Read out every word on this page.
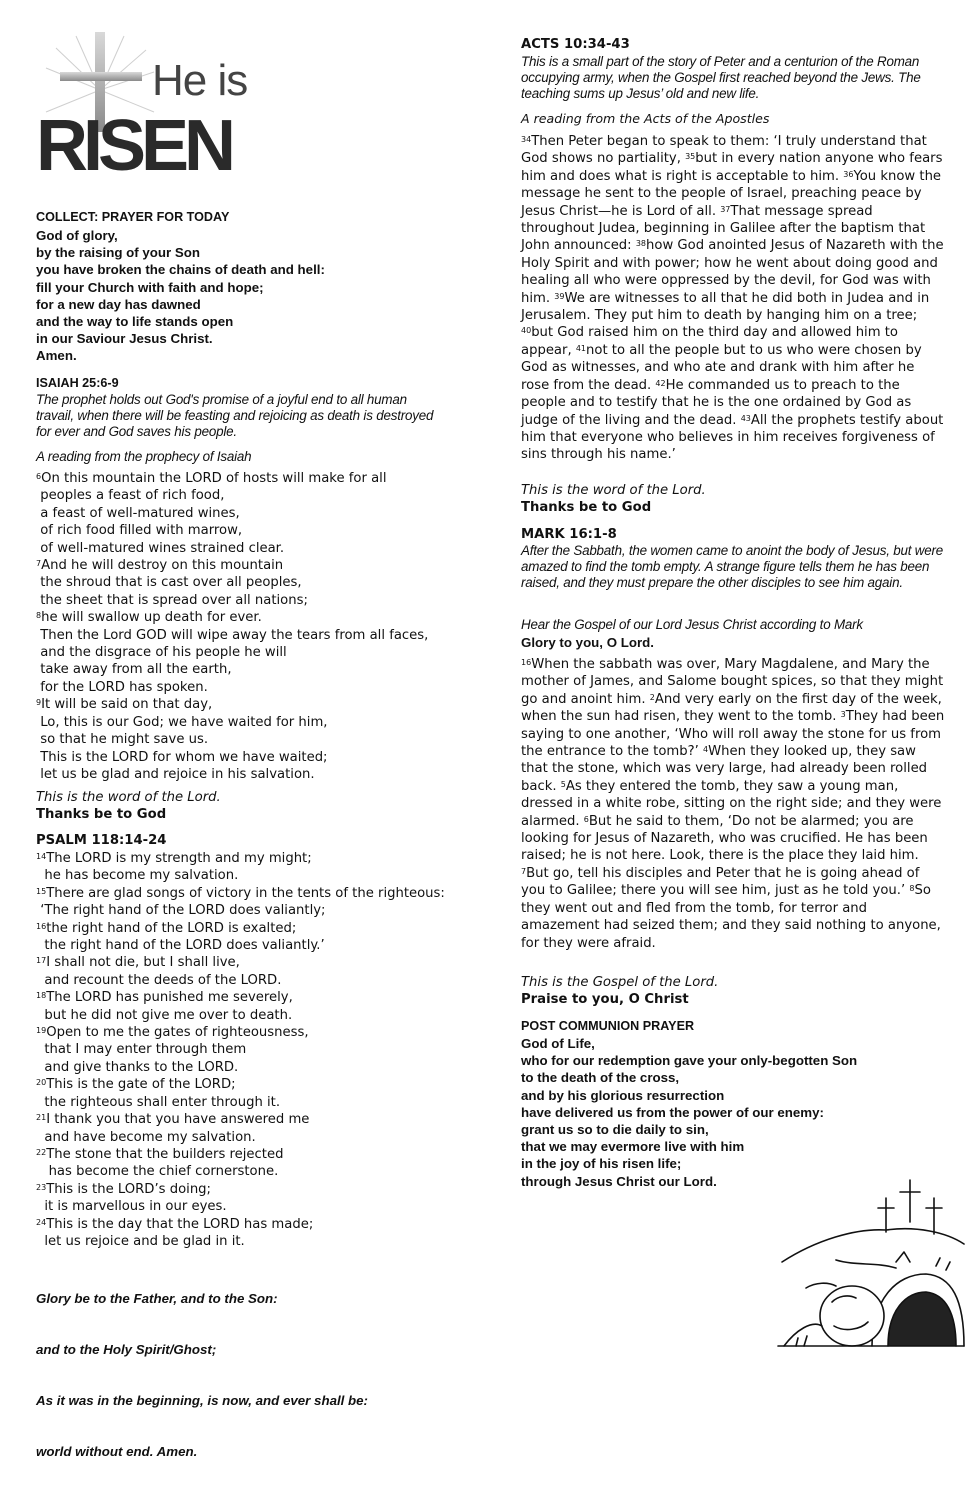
He is
RISEN
COLLECT: PRAYER FOR TODAY
God of glory,
by the raising of your Son
you have broken the chains of death and hell:
fill your Church with faith and hope;
for a new day has dawned
and the way to life stands open
in our Saviour Jesus Christ.
Amen.
ISAIAH 25:6-9
The prophet holds out God's promise of a joyful end to all human travail, when there will be feasting and rejoicing as death is destroyed for ever and God saves his people.
A reading from the prophecy of Isaiah
$^6$On this mountain the LORD of hosts will make for all
peoples a feast of rich food,
a feast of well-matured wines,
of rich food filled with marrow,
of well-matured wines strained clear.
$^7$And he will destroy on this mountain
the shroud that is cast over all peoples,
the sheet that is spread over all nations;
$^8$he will swallow up death for ever.
Then the Lord GOD will wipe away the tears from all faces,
and the disgrace of his people he will
take away from all the earth,
for the LORD has spoken.
$^9$It will be said on that day,
Lo, this is our God; we have waited for him,
so that he might save us.
This is the LORD for whom we have waited;
let us be glad and rejoice in his salvation.
This is the word of the Lord.
Thanks be to God
PSALM 118:14-24
$^{14}$The LORD is my strength and my might;
he has become my salvation.
$^{15}$There are glad songs of victory in the tents of the righteous:
‘The right hand of the LORD does valiantly;
$^{16}$the right hand of the LORD is exalted;
the right hand of the LORD does valiantly.’
$^{17}$I shall not die, but I shall live,
and recount the deeds of the LORD.
$^{18}$The LORD has punished me severely,
but he did not give me over to death.
$^{19}$Open to me the gates of righteousness,
that I may enter through them
and give thanks to the LORD.
$^{20}$This is the gate of the LORD;
the righteous shall enter through it.
$^{21}$I thank you that you have answered me
and have become my salvation.
$^{22}$The stone that the builders rejected
has become the chief cornerstone.
$^{23}$This is the LORD’s doing;
it is marvellous in our eyes.
$^{24}$This is the day that the LORD has made;
let us rejoice and be glad in it.

Glory be to the Father, and to the Son:

and to the Holy Spirit/Ghost;

As it was in the beginning, is now, and ever shall be:

world without end. Amen.

ACTS 10:34-43
This is a small part of the story of Peter and a centurion of the Roman occupying army, when the Gospel first reached beyond the Jews. The teaching sums up Jesus’ old and new life.
A reading from the Acts of the Apostles
$^{34}$Then Peter began to speak to them: ‘I truly understand that God shows no partiality, $^{35}$but in every nation anyone who fears him and does what is right is acceptable to him. $^{36}$You know the message he sent to the people of Israel, preaching peace by Jesus Christ—he is Lord of all. $^{37}$That message spread throughout Judea, beginning in Galilee after the baptism that John announced: $^{38}$how God anointed Jesus of Nazareth with the Holy Spirit and with power; how he went about doing good and healing all who were oppressed by the devil, for God was with him. $^{39}$We are witnesses to all that he did both in Judea and in Jerusalem. They put him to death by hanging him on a tree; $^{40}$but God raised him on the third day and allowed him to appear, $^{41}$not to all the people but to us who were chosen by God as witnesses, and who ate and drank with him after he rose from the dead. $^{42}$He commanded us to preach to the people and to testify that he is the one ordained by God as judge of the living and the dead. $^{43}$All the prophets testify about him that everyone who believes in him receives forgiveness of sins through his name.’
This is the word of the Lord.
Thanks be to God
MARK 16:1-8
After the Sabbath, the women came to anoint the body of Jesus, but were amazed to find the tomb empty. A strange figure tells them he has been raised, and they must prepare the other disciples to see him again.
Hear the Gospel of our Lord Jesus Christ according to Mark
Glory to you, O Lord.
$^{16}$When the sabbath was over, Mary Magdalene, and Mary the mother of James, and Salome bought spices, so that they might go and anoint him. $^2$And very early on the first day of the week, when the sun had risen, they went to the tomb. $^3$They had been saying to one another, ‘Who will roll away the stone for us from the entrance to the tomb?’ $^4$When they looked up, they saw that the stone, which was very large, had already been rolled back. $^5$As they entered the tomb, they saw a young man, dressed in a white robe, sitting on the right side; and they were alarmed. $^6$But he said to them, ‘Do not be alarmed; you are looking for Jesus of Nazareth, who was crucified. He has been raised; he is not here. Look, there is the place they laid him. $^7$But go, tell his disciples and Peter that he is going ahead of you to Galilee; there you will see him, just as he told you.’ $^8$So they went out and fled from the tomb, for terror and amazement had seized them; and they said nothing to anyone, for they were afraid.
This is the Gospel of the Lord.
Praise to you, O Christ
POST COMMUNION PRAYER
God of Life,
who for our redemption gave your only-begotten Son
to the death of the cross,
and by his glorious resurrection
have delivered us from the power of our enemy:
grant us so to die daily to sin,
that we may evermore live with him
in the joy of his risen life;
through Jesus Christ our Lord.
